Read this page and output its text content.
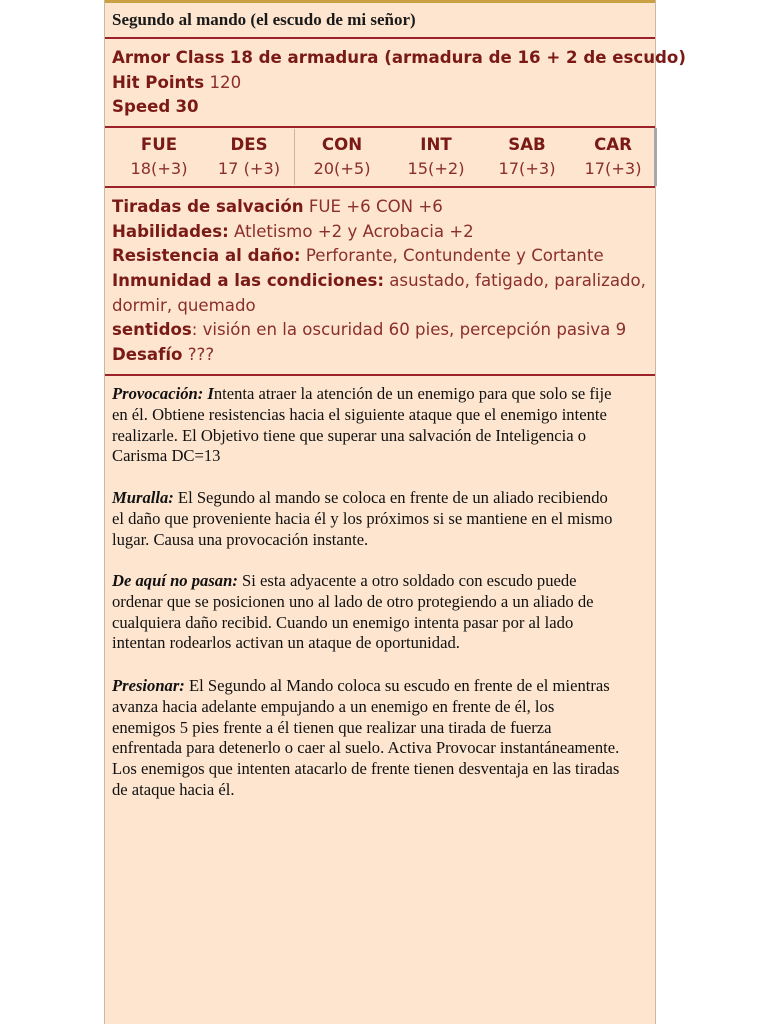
Segundo al mando (el escudo de mi señor)
Armor Class 18 de armadura (armadura de 16 + 2 de escudo)
Hit Points 120
Speed 30
FUE
18(+3)
DES
17 (+3)
CON
20(+5)
INT
15(+2)
SAB
17(+3)
CAR
17(+3)
Tiradas de salvación FUE +6 CON +6
Habilidades: Atletismo +2 y Acrobacia +2
Resistencia al daño: Perforante, Contundente y Cortante
Inmunidad a las condiciones: asustado, fatigado, paralizado,
dormir, quemado
sentidos: visión en la oscuridad 60 pies, percepción pasiva 9
Desafío ???

Provocación: Intenta atraer la atención de un enemigo para que solo se fije

en él. Obtiene resistencias hacia el siguiente ataque que el enemigo intente

realizarle. El Objetivo tiene que superar una salvación de Inteligencia o

Carisma DC=13

Muralla: El Segundo al mando se coloca en frente de un aliado recibiendo

el daño que proveniente hacia él y los próximos si se mantiene en el mismo

lugar. Causa una provocación instante.

De aquí no pasan: Si esta adyacente a otro soldado con escudo puede

ordenar que se posicionen uno al lado de otro protegiendo a un aliado de

cualquiera daño recibid. Cuando un enemigo intenta pasar por al lado

intentan rodearlos activan un ataque de oportunidad.

Presionar: El Segundo al Mando coloca su escudo en frente de el mientras

avanza hacia adelante empujando a un enemigo en frente de él, los

enemigos 5 pies frente a él tienen que realizar una tirada de fuerza

enfrentada para detenerlo o caer al suelo. Activa Provocar instantáneamente.

Los enemigos que intenten atacarlo de frente tienen desventaja en las tiradas

de ataque hacia él.
